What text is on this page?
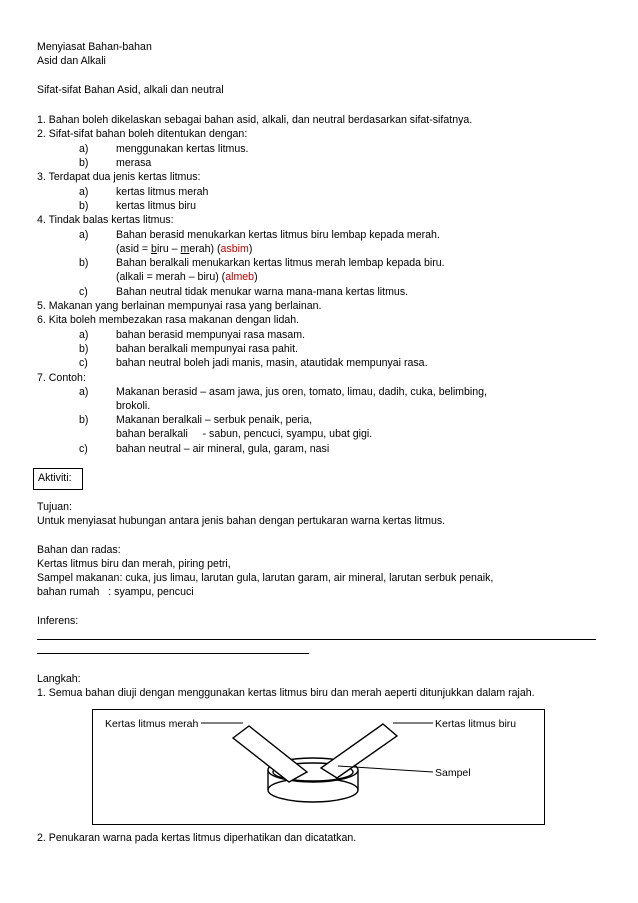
Menyiasat Bahan-bahan
Asid dan Alkali
Sifat-sifat Bahan Asid, alkali dan neutral
1. Bahan boleh dikelaskan sebagai bahan asid, alkali, dan neutral berdasarkan sifat-sifatnya.
2. Sifat-sifat bahan boleh ditentukan dengan:
a)	menggunakan kertas litmus.
b)	merasa
3. Terdapat dua jenis kertas litmus:
a)	kertas litmus merah
b)	kertas litmus biru
4. Tindak balas kertas litmus:
a)	Bahan berasid menukarkan kertas litmus biru lembap kepada merah.
(asid = biru – merah) (asbim)
b)	Bahan beralkali menukarkan kertas litmus merah lembap kepada biru.
(alkali = merah – biru) (almeb)
c)	Bahan neutral tidak menukar warna mana-mana kertas litmus.
5. Makanan yang berlainan mempunyai rasa yang berlainan.
6. Kita boleh membezakan rasa makanan dengan lidah.
a)	bahan berasid mempunyai rasa masam.
b)	bahan beralkali mempunyai rasa pahit.
c)	bahan neutral boleh jadi manis, masin, atautidak mempunyai rasa.
7. Contoh:
a)	Makanan berasid – asam jawa, jus oren, tomato, limau, dadih, cuka, belimbing,
brokoli.
b)	Makanan beralkali – serbuk penaik, peria,
bahan beralkali     - sabun, pencuci, syampu, ubat gigi.
c)	bahan neutral – air mineral, gula, garam, nasi
Aktiviti:
Tujuan:
Untuk menyiasat hubungan antara jenis bahan dengan pertukaran warna kertas litmus.
Bahan dan radas:
Kertas litmus biru dan merah, piring petri,
Sampel makanan: cuka, jus limau, larutan gula, larutan garam, air mineral, larutan serbuk penaik,
bahan rumah   : syampu, pencuci
Inferens:
Langkah:
1. Semua bahan diuji dengan menggunakan kertas litmus biru dan merah aeperti ditunjukkan dalam rajah.
Kertas litmus merah	Kertas litmus biru
Sampel
2. Penukaran warna pada kertas litmus diperhatikan dan dicatatkan.
